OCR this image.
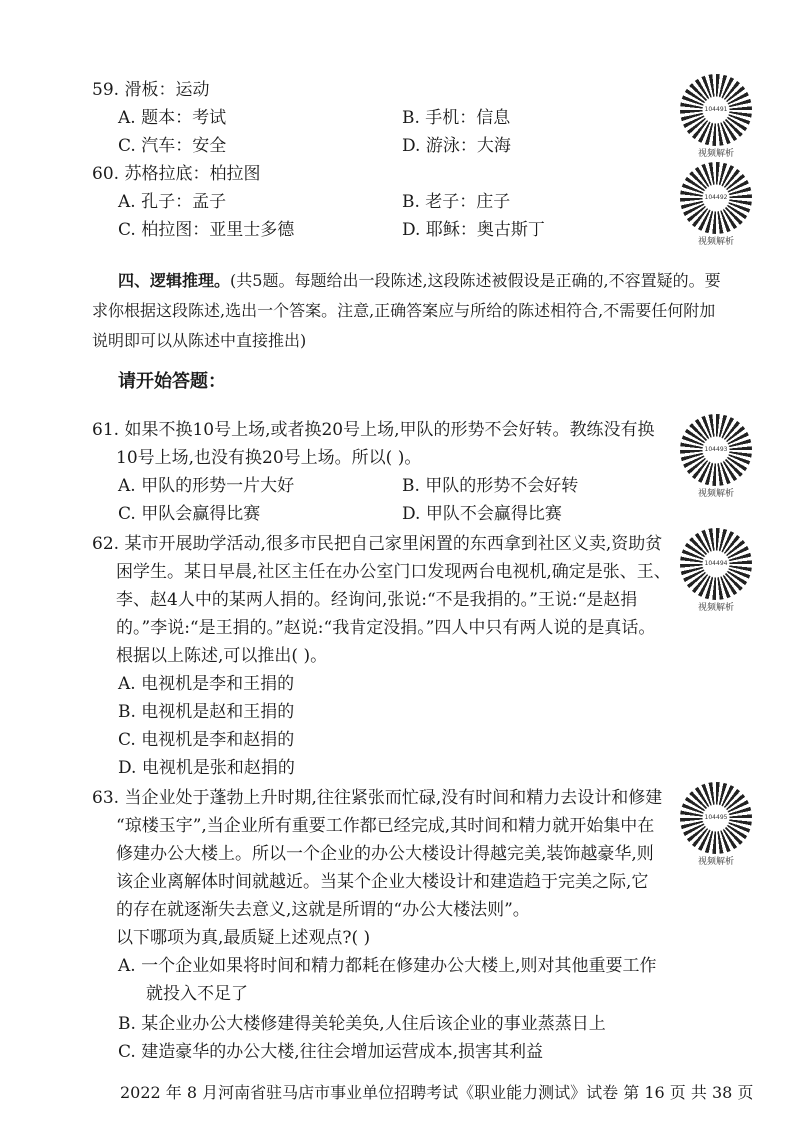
59. 滑板：运动
A. 题本：考试	B. 手机：信息
C. 汽车：安全	D. 游泳：大海
60. 苏格拉底：柏拉图
A. 孔子：孟子	B. 老子：庄子
C. 柏拉图：亚里士多德	D. 耶稣：奥古斯丁
四、逻辑推理。(共5题。每题给出一段陈述,这段陈述被假设是正确的,不容置疑的。要
求你根据这段陈述,选出一个答案。注意,正确答案应与所给的陈述相符合,不需要任何附加
说明即可以从陈述中直接推出)
请开始答题：
61. 如果不换10号上场,或者换20号上场,甲队的形势不会好转。教练没有换
10号上场,也没有换20号上场。所以( )。
A. 甲队的形势一片大好	B. 甲队的形势不会好转
C. 甲队会赢得比赛	D. 甲队不会赢得比赛
62. 某市开展助学活动,很多市民把自己家里闲置的东西拿到社区义卖,资助贫
困学生。某日早晨,社区主任在办公室门口发现两台电视机,确定是张、王、
李、赵4人中的某两人捐的。经询问,张说:“不是我捐的。”王说:“是赵捐
的。”李说:“是王捐的。”赵说:“我肯定没捐。”四人中只有两人说的是真话。
根据以上陈述,可以推出( )。
A. 电视机是李和王捐的
B. 电视机是赵和王捐的
C. 电视机是李和赵捐的
D. 电视机是张和赵捐的
63. 当企业处于蓬勃上升时期,往往紧张而忙碌,没有时间和精力去设计和修建
“琼楼玉宇”,当企业所有重要工作都已经完成,其时间和精力就开始集中在
修建办公大楼上。所以一个企业的办公大楼设计得越完美,装饰越豪华,则
该企业离解体时间就越近。当某个企业大楼设计和建造趋于完美之际,它
的存在就逐渐失去意义,这就是所谓的“办公大楼法则”。
以下哪项为真,最质疑上述观点?( )
A. 一个企业如果将时间和精力都耗在修建办公大楼上,则对其他重要工作
就投入不足了
B. 某企业办公大楼修建得美轮美奂,人住后该企业的事业蒸蒸日上
C. 建造豪华的办公大楼,往往会增加运营成本,损害其利益
104491
视频解析
104492
视频解析
104493
视频解析
104494
视频解析
104495
视频解析
2022 年 8 月河南省驻马店市事业单位招聘考试《职业能力测试》试卷 第 16 页 共 38 页
